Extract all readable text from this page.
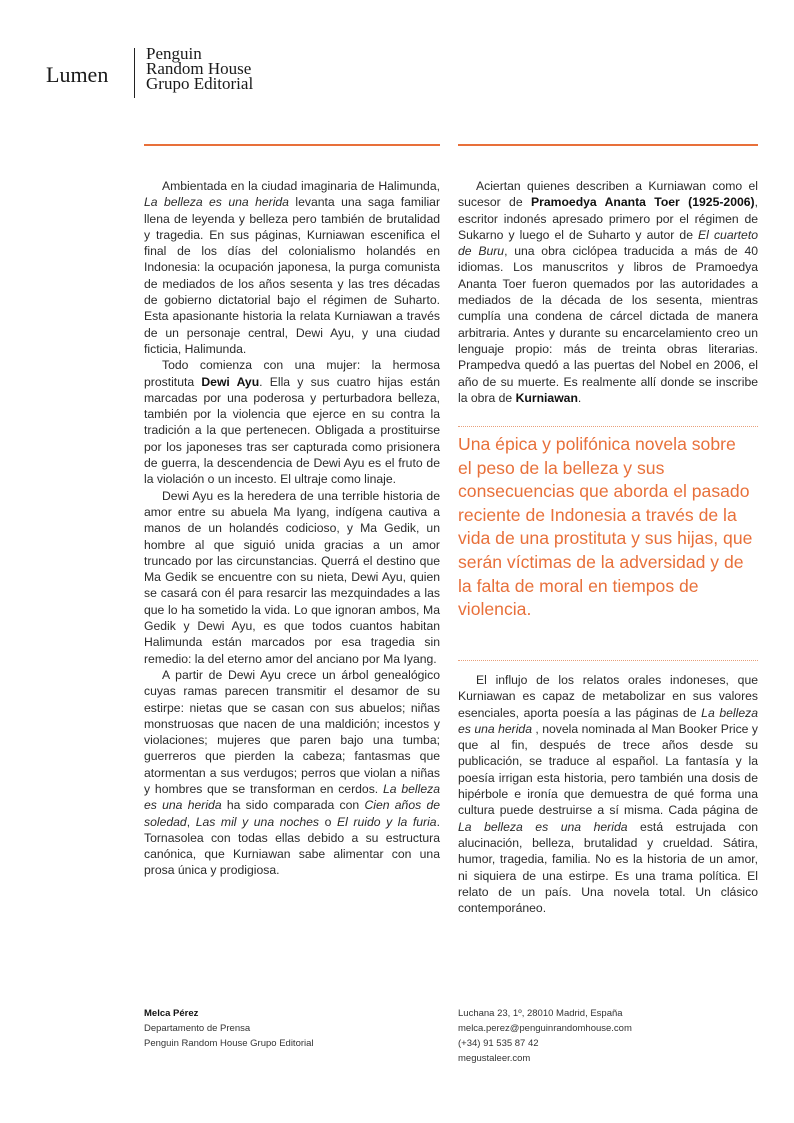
Lumen
Penguin
Random House
Grupo Editorial

Ambientada en la ciudad imaginaria de Halimunda, La belleza es una herida levanta una saga familiar llena de leyenda y belleza pero también de brutalidad y tragedia. En sus páginas, Kurniawan escenifica el final de los días del colonialismo holandés en Indonesia: la ocupación japonesa, la purga comunista de mediados de los años sesenta y las tres décadas de gobierno dictatorial bajo el régimen de Suharto. Esta apasionante historia la relata Kurniawan a través de un personaje central, Dewi Ayu, y una ciudad ficticia, Halimunda.

Todo comienza con una mujer: la hermosa prostituta Dewi Ayu. Ella y sus cuatro hijas están marcadas por una poderosa y perturbadora belleza, también por la violencia que ejerce en su contra la tradición a la que pertenecen. Obligada a prostituirse por los japoneses tras ser capturada como prisionera de guerra, la descendencia de Dewi Ayu es el fruto de la violación o un incesto. El ultraje como linaje.

Dewi Ayu es la heredera de una terrible historia de amor entre su abuela Ma Iyang, indígena cautiva a manos de un holandés codicioso, y Ma Gedik, un hombre al que siguió unida gracias a un amor truncado por las circunstancias. Querrá el destino que Ma Gedik se encuentre con su nieta, Dewi Ayu, quien se casará con él para resarcir las mezquindades a las que lo ha sometido la vida. Lo que ignoran ambos, Ma Gedik y Dewi Ayu, es que todos cuantos habitan Halimunda están marcados por esa tragedia sin remedio: la del eterno amor del anciano por Ma Iyang.

A partir de Dewi Ayu crece un árbol genealógico cuyas ramas parecen transmitir el desamor de su estirpe: nietas que se casan con sus abuelos; niñas monstruosas que nacen de una maldición; incestos y violaciones; mujeres que paren bajo una tumba; guerreros que pierden la cabeza; fantasmas que atormentan a sus verdugos; perros que violan a niñas y hombres que se transforman en cerdos. La belleza es una herida ha sido comparada con Cien años de soledad, Las mil y una noches o El ruido y la furia. Tornasolea con todas ellas debido a su estructura canónica, que Kurniawan sabe alimentar con una prosa única y prodigiosa.

Aciertan quienes describen a Kurniawan como el sucesor de Pramoedya Ananta Toer (1925-2006), escritor indonés apresado primero por el régimen de Sukarno y luego el de Suharto y autor de El cuarteto de Buru, una obra ciclópea traducida a más de 40 idiomas. Los manuscritos y libros de Pramoedya Ananta Toer fueron quemados por las autoridades a mediados de la década de los sesenta, mientras cumplía una condena de cárcel dictada de manera arbitraria. Antes y durante su encarcelamiento creo un lenguaje propio: más de treinta obras literarias. Prampedva quedó a las puertas del Nobel en 2006, el año de su muerte. Es realmente allí donde se inscribe la obra de Kurniawan.

Una épica y polifónica novela sobre el peso de la belleza y sus consecuencias que aborda el pasado reciente de Indonesia a través de la vida de una prostituta y sus hijas, que serán víctimas de la adversidad y de la falta de moral en tiempos de violencia.

El influjo de los relatos orales indoneses, que Kurniawan es capaz de metabolizar en sus valores esenciales, aporta poesía a las páginas de La belleza es una herida , novela nominada al Man Booker Price y que al fin, después de trece años desde su publicación, se traduce al español. La fantasía y la poesía irrigan esta historia, pero también una dosis de hipérbole e ironía que demuestra de qué forma una cultura puede destruirse a sí misma. Cada página de La belleza es una herida está estrujada con alucinación, belleza, brutalidad y crueldad. Sátira, humor, tragedia, familia. No es la historia de un amor, ni siquiera de una estirpe. Es una trama política. El relato de un país. Una novela total. Un clásico contemporáneo.

Melca Pérez
Departamento de Prensa
Penguin Random House Grupo Editorial
Luchana 23, 1º, 28010 Madrid, España
melca.perez@penguinrandomhouse.com
(+34) 91 535 87 42
megustaleer.com
